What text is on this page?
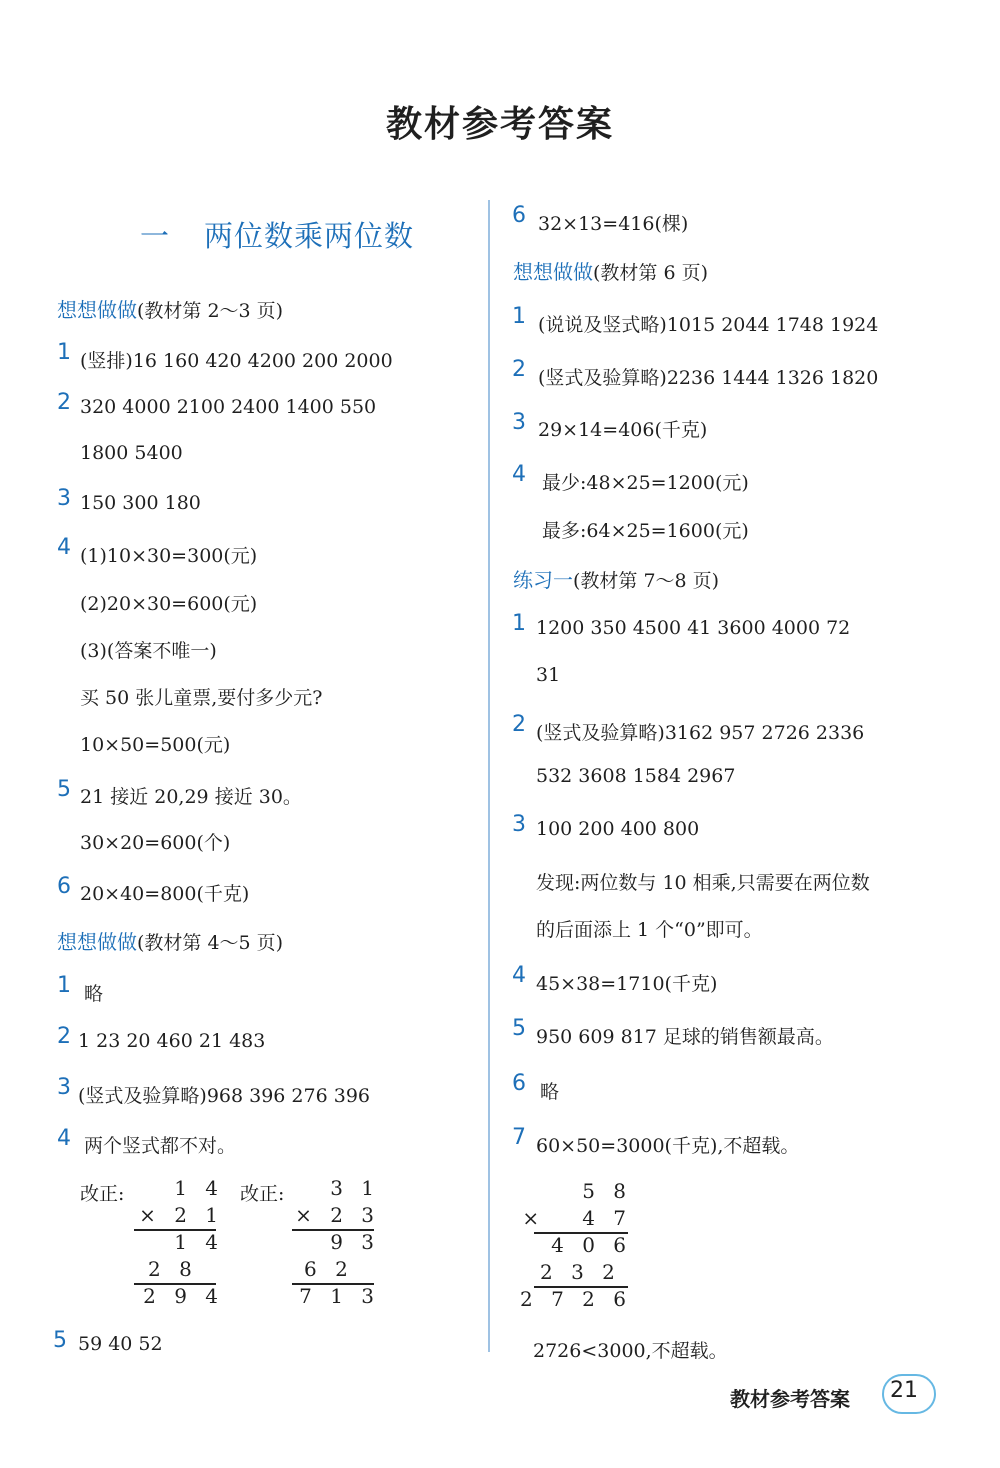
教材参考答案
一 两位数乘两位数
想想做做(教材第 2～3 页)
1 (竖排)16 160 420 4200 200 2000
2 320 4000 2100 2400 1400 550
1800 5400
3 150 300 180
4 (1)10×30=300(元)
(2)20×30=600(元)
(3)(答案不唯一)
买 50 张儿童票,要付多少元?
10×50=500(元)
5 21 接近 20,29 接近 30。
30×20=600(个)
6 20×40=800(千克)
想想做做(教材第 4～5 页)
1 略
2 1 23 20 460 21 483
3 (竖式及验算略)968 396 276 396
4 两个竖式都不对。
改正:	改正:
1 4
× 2 1
1 4
2 8
2 9 4
3 1
× 2 3
9 3
6 2
7 1 3
5 59 40 52
6 32×13=416(棵)
想想做做(教材第 6 页)
1 (说说及竖式略)1015 2044 1748 1924
2 (竖式及验算略)2236 1444 1326 1820
3 29×14=406(千克)
4 最少:48×25=1200(元)
最多:64×25=1600(元)
练习一(教材第 7～8 页)
1 1200 350 4500 41 3600 4000 72
31
2 (竖式及验算略)3162 957 2726 2336
532 3608 1584 2967
3 100 200 400 800
发现:两位数与 10 相乘,只需要在两位数
的后面添上 1 个“0”即可。
4 45×38=1710(千克)
5 950 609 817 足球的销售额最高。
6 略
7 60×50=3000(千克),不超载。
5 8
×   4 7
4 0 6
2 3 2
2 7 2 6
2726<3000,不超载。
教材参考答案 21
